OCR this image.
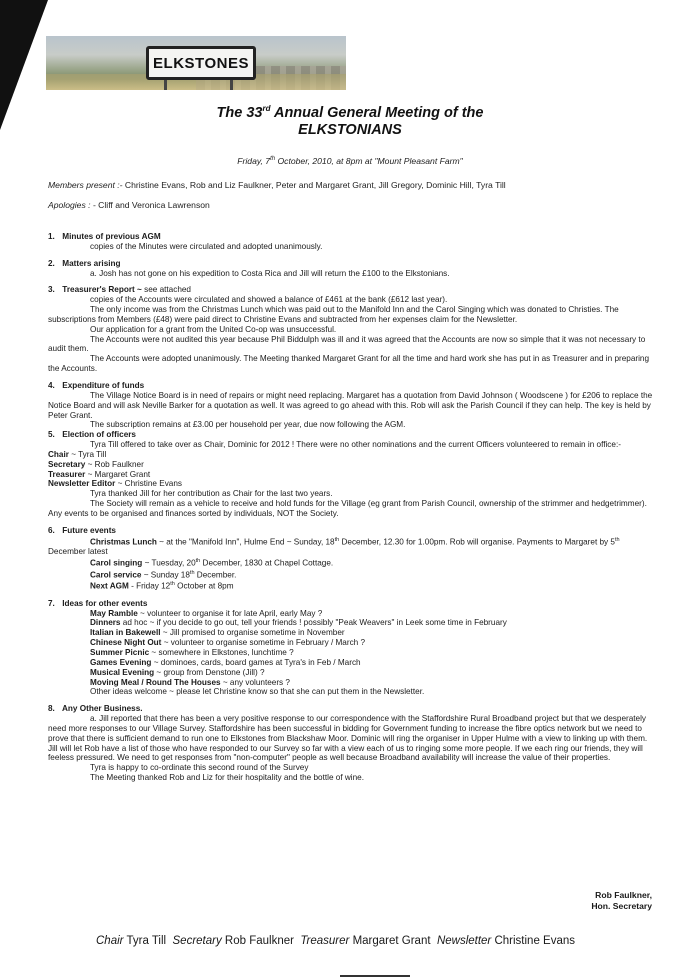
ELKSTONES
The 33rd Annual General Meeting of the
ELKSTONIANS
Friday, 7th October, 2010, at 8pm at "Mount Pleasant Farm"
Members present :- Christine Evans, Rob and Liz Faulkner, Peter and Margaret Grant, Jill Gregory, Dominic Hill, Tyra Till
Apologies : - Cliff and Veronica Lawrenson

1. Minutes of previous AGM

copies of the Minutes were circulated and adopted unanimously.

2. Matters arising

a. Josh has not gone on his expedition to Costa Rica and Jill will return the £100 to the Elkstonians.

3. Treasurer's Report ~ see attached

copies of the Accounts were circulated and showed a balance of £461 at the bank (£612 last year).

The only income was from the Christmas Lunch which was paid out to the Manifold Inn and the Carol Singing which was donated to Christies. The subscriptions from Members (£48) were paid direct to Christine Evans and subtracted from her expenses claim for the Newsletter.

Our application for a grant from the United Co-op was unsuccessful.

The Accounts were not audited this year because Phil Biddulph was ill and it was agreed that the Accounts are now so simple that it was not necessary to audit them.

The Accounts were adopted unanimously. The Meeting thanked Margaret Grant for all the time and hard work she has put in as Treasurer and in preparing the Accounts.

4. Expenditure of funds

The Village Notice Board is in need of repairs or might need replacing. Margaret has a quotation from David Johnson ( Woodscene ) for £206 to replace the Notice Board and will ask Neville Barker for a quotation as well. It was agreed to go ahead with this. Rob will ask the Parish Council if they can help. The key is held by Peter Grant.

The subscription remains at £3.00 per household per year, due now following the AGM.

5. Election of officers

Tyra Till offered to take over as Chair, Dominic for 2012 ! There were no other nominations and the current Officers volunteered to remain in office:-

Chair ~ Tyra Till

Secretary ~ Rob Faulkner

Treasurer ~ Margaret Grant

Newsletter Editor ~ Christine Evans

Tyra thanked Jill for her contribution as Chair for the last two years.

The Society will remain as a vehicle to receive and hold funds for the Village (eg grant from Parish Council, ownership of the strimmer and hedgetrimmer). Any events to be organised and finances sorted by individuals, NOT the Society.

6. Future events

Christmas Lunch ~ at the "Manifold Inn", Hulme End ~ Sunday, 18th December, 12.30 for 1.00pm. Rob will organise. Payments to Margaret by 5th December latest

Carol singing ~ Tuesday, 20th December, 1830 at Chapel Cottage.

Carol service ~ Sunday 18th December.

Next AGM - Friday 12th October at 8pm

7. Ideas for other events

May Ramble ~ volunteer to organise it for late April, early May ?

Dinners ad hoc ~ if you decide to go out, tell your friends ! possibly "Peak Weavers" in Leek some time in February

Italian in Bakewell ~ Jill promised to organise sometime in November

Chinese Night Out ~ volunteer to organise sometime in February / March ?

Summer Picnic ~ somewhere in Elkstones, lunchtime ?

Games Evening ~ dominoes, cards, board games at Tyra's in Feb / March

Musical Evening ~ group from Denstone (Jill) ?

Moving Meal / Round The Houses ~ any volunteers ?

Other ideas welcome ~ please let Christine know so that she can put them in the Newsletter.

8. Any Other Business.

a. Jill reported that there has been a very positive response to our correspondence with the Staffordshire Rural Broadband project but that we desperately need more responses to our Village Survey. Staffordshire has been successful in bidding for Government funding to increase the fibre optics network but we need to prove that there is sufficient demand to run one to Elkstones from Blackshaw Moor. Dominic will ring the organiser in Upper Hulme with a view to linking up with them. Jill will let Rob have a list of those who have responded to our Survey so far with a view each of us to ringing some more people. If we each ring our friends, they will feeless pressured. We need to get responses from "non-computer" people as well because Broadband availability will increase the value of their properties.

Tyra is happy to co-ordinate this second round of the Survey

The Meeting thanked Rob and Liz for their hospitality and the bottle of wine.

Rob Faulkner,
Hon. Secretary
Chair Tyra Till Secretary Rob Faulkner Treasurer Margaret Grant Newsletter Christine Evans
